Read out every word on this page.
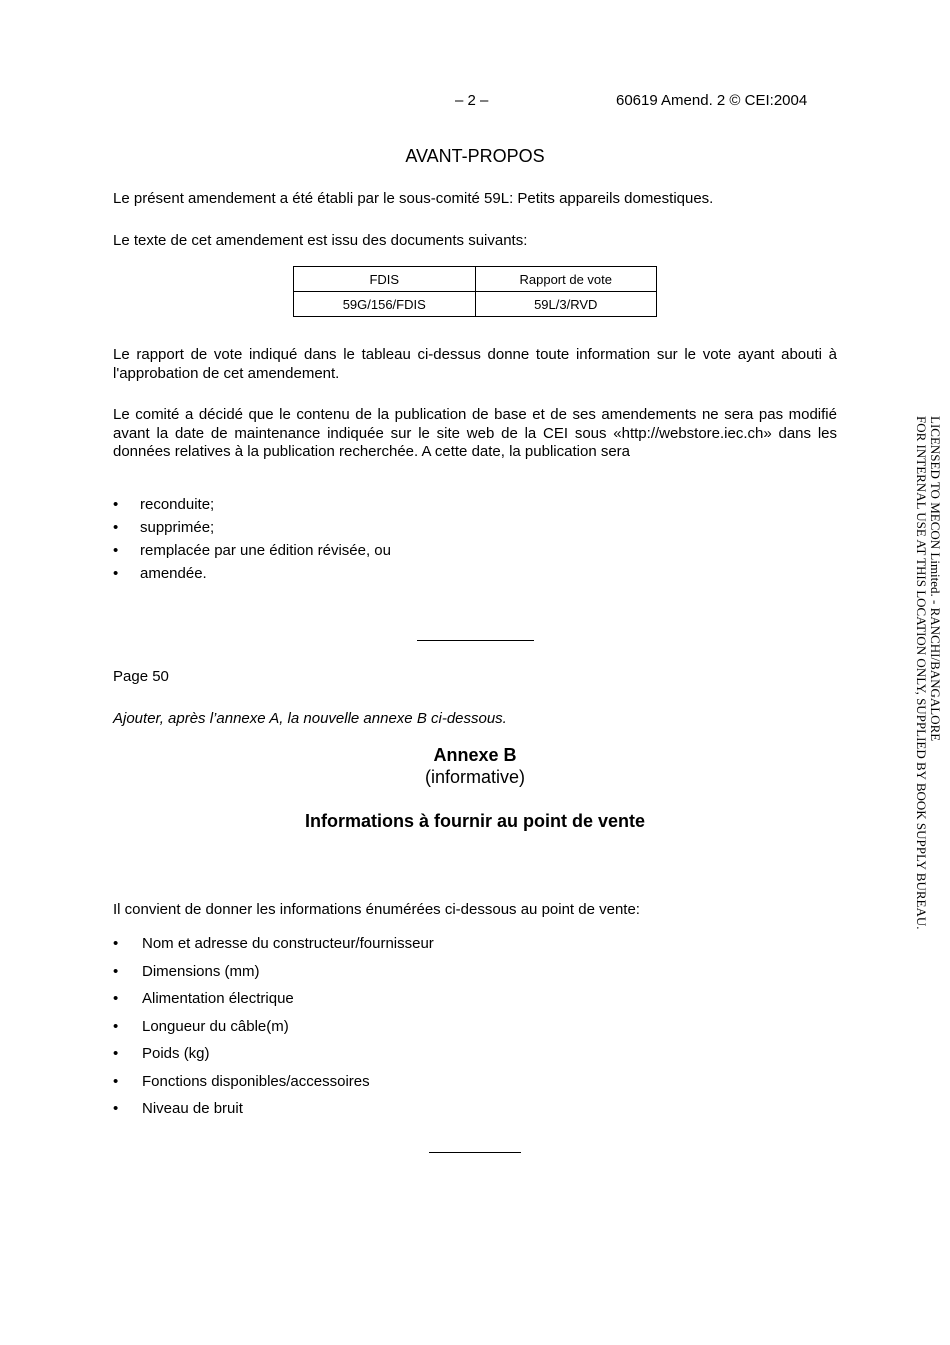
– 2 –	60619 Amend. 2 © CEI:2004
AVANT-PROPOS
Le présent amendement a été établi par le sous-comité 59L: Petits appareils domestiques.
Le texte de cet amendement est issu des documents suivants:
FDIS	Rapport de vote
59G/156/FDIS	59L/3/RVD
Le rapport de vote indiqué dans le tableau ci-dessus donne toute information sur le vote ayant abouti à l'approbation de cet amendement.
Le comité a décidé que le contenu de la publication de base et de ses amendements ne sera pas modifié avant la date de maintenance indiquée sur le site web de la CEI sous «http://webstore.iec.ch» dans les données relatives à la publication recherchée. A cette date, la publication sera
•	reconduite;
•	supprimée;
•	remplacée par une édition révisée, ou
•	amendée.
Page 50
Ajouter, après l’annexe A, la nouvelle annexe B ci-dessous.
Annexe B
(informative)
Informations à fournir au point de vente
Il convient de donner les informations énumérées ci-dessous au point de vente:
•	Nom et adresse du constructeur/fournisseur
•	Dimensions (mm)
•	Alimentation électrique
•	Longueur du câble(m)
•	Poids (kg)
•	Fonctions disponibles/accessoires
•	Niveau de bruit
LICENSED TO MECON Limited. - RANCHI/BANGALORE
FOR INTERNAL USE AT THIS LOCATION ONLY, SUPPLIED BY BOOK SUPPLY BUREAU.
